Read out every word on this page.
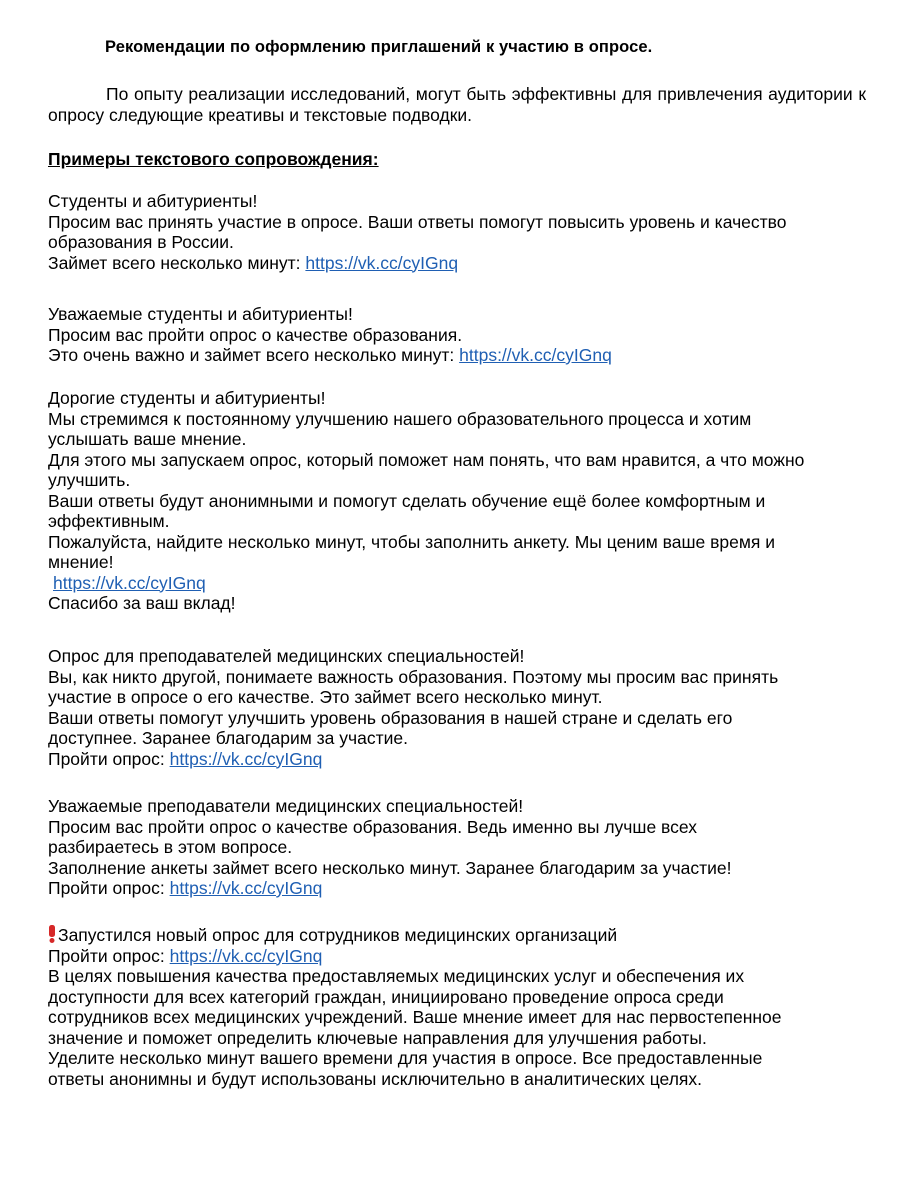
Рекомендации по оформлению приглашений к участию в опросе.

По опыту реализации исследований, могут быть эффективны для привлечения аудитории к опросу следующие креативы и текстовые подводки.

Примеры текстового сопровождения:

Студенты и абитуриенты!
Просим вас принять участие в опросе. Ваши ответы помогут повысить уровень и качество
образования в России.
Займет всего несколько минут: https://vk.cc/cyIGnq
Уважаемые студенты и абитуриенты!
Просим вас пройти опрос о качестве образования.
Это очень важно и займет всего несколько минут: https://vk.cc/cyIGnq
Дорогие студенты и абитуриенты!
Мы стремимся к постоянному улучшению нашего образовательного процесса и хотим
услышать ваше мнение.
Для этого мы запускаем опрос, который поможет нам понять, что вам нравится, а что можно
улучшить.
Ваши ответы будут анонимными и помогут сделать обучение ещё более комфортным и
эффективным.
Пожалуйста, найдите несколько минут, чтобы заполнить анкету. Мы ценим ваше время и
мнение!
https://vk.cc/cyIGnq
Спасибо за ваш вклад!
Опрос для преподавателей медицинских специальностей!
Вы, как никто другой, понимаете важность образования. Поэтому мы просим вас принять
участие в опросе о его качестве. Это займет всего несколько минут.
Ваши ответы помогут улучшить уровень образования в нашей стране и сделать его
доступнее. Заранее благодарим за участие.
Пройти опрос: https://vk.cc/cyIGnq
Уважаемые преподаватели медицинских специальностей!
Просим вас пройти опрос о качестве образования. Ведь именно вы лучше всех
разбираетесь в этом вопросе.
Заполнение анкеты займет всего несколько минут. Заранее благодарим за участие!
Пройти опрос: https://vk.cc/cyIGnq
Запустился новый опрос для сотрудников медицинских организаций
Пройти опрос: https://vk.cc/cyIGnq
В целях повышения качества предоставляемых медицинских услуг и обеспечения их
доступности для всех категорий граждан, инициировано проведение опроса среди
сотрудников всех медицинских учреждений. Ваше мнение имеет для нас первостепенное
значение и поможет определить ключевые направления для улучшения работы.
Уделите несколько минут вашего времени для участия в опросе. Все предоставленные
ответы анонимны и будут использованы исключительно в аналитических целях.
